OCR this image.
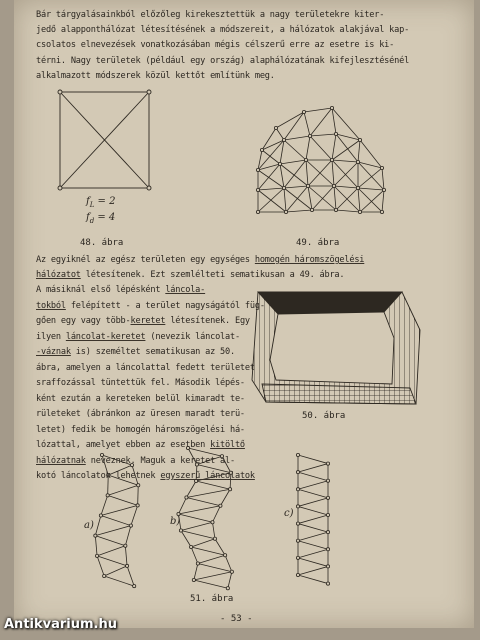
Bár tárgyalásainkból előzőleg kirekesztettük a nagy területekre kiter-
jedő alapponthálózat létesítésének a módszereit, a hálózatok alakjával kap-
csolatos elnevezések vonatkozásában mégis célszerű erre az esetre is ki-
térni. Nagy területek (például egy ország) alaphálózatának kifejlesztésénél
alkalmazott módszerek közül kettőt említünk meg.
$f_L = 2$
$f_d = 4$
48. ábra	49. ábra
Az egyiknél az egész területen egy egységes homogén háromszögelési
hálózatot létesítenek. Ezt szemlélteti sematikusan a 49. ábra.
A másiknál első lépésként láncola-
tokból felépített - a terület nagyságától füg-
gően egy vagy több-keretet létesítenek. Egy
ilyen láncolat-keretet (nevezik láncolat-
-váznak is) személtet sematikusan az 50.
ábra, amelyen a láncolattal fedett területet
sraffozással tüntettük fel. Második lépés-
ként ezután a kereteken belül kimaradt te-
rületeket (ábránkon az üresen maradt terü-
letet) fedik be homogén háromszögelési há-
lózattal, amelyet ebben az esetben kitöltő
hálózatnak neveznek. Maguk a keretet al-
kotó láncolatok lehetnek egyszerű láncolatok
50. ábra
a)	b)
c)
51. ábra
- 53 -
Antikvarium.hu
